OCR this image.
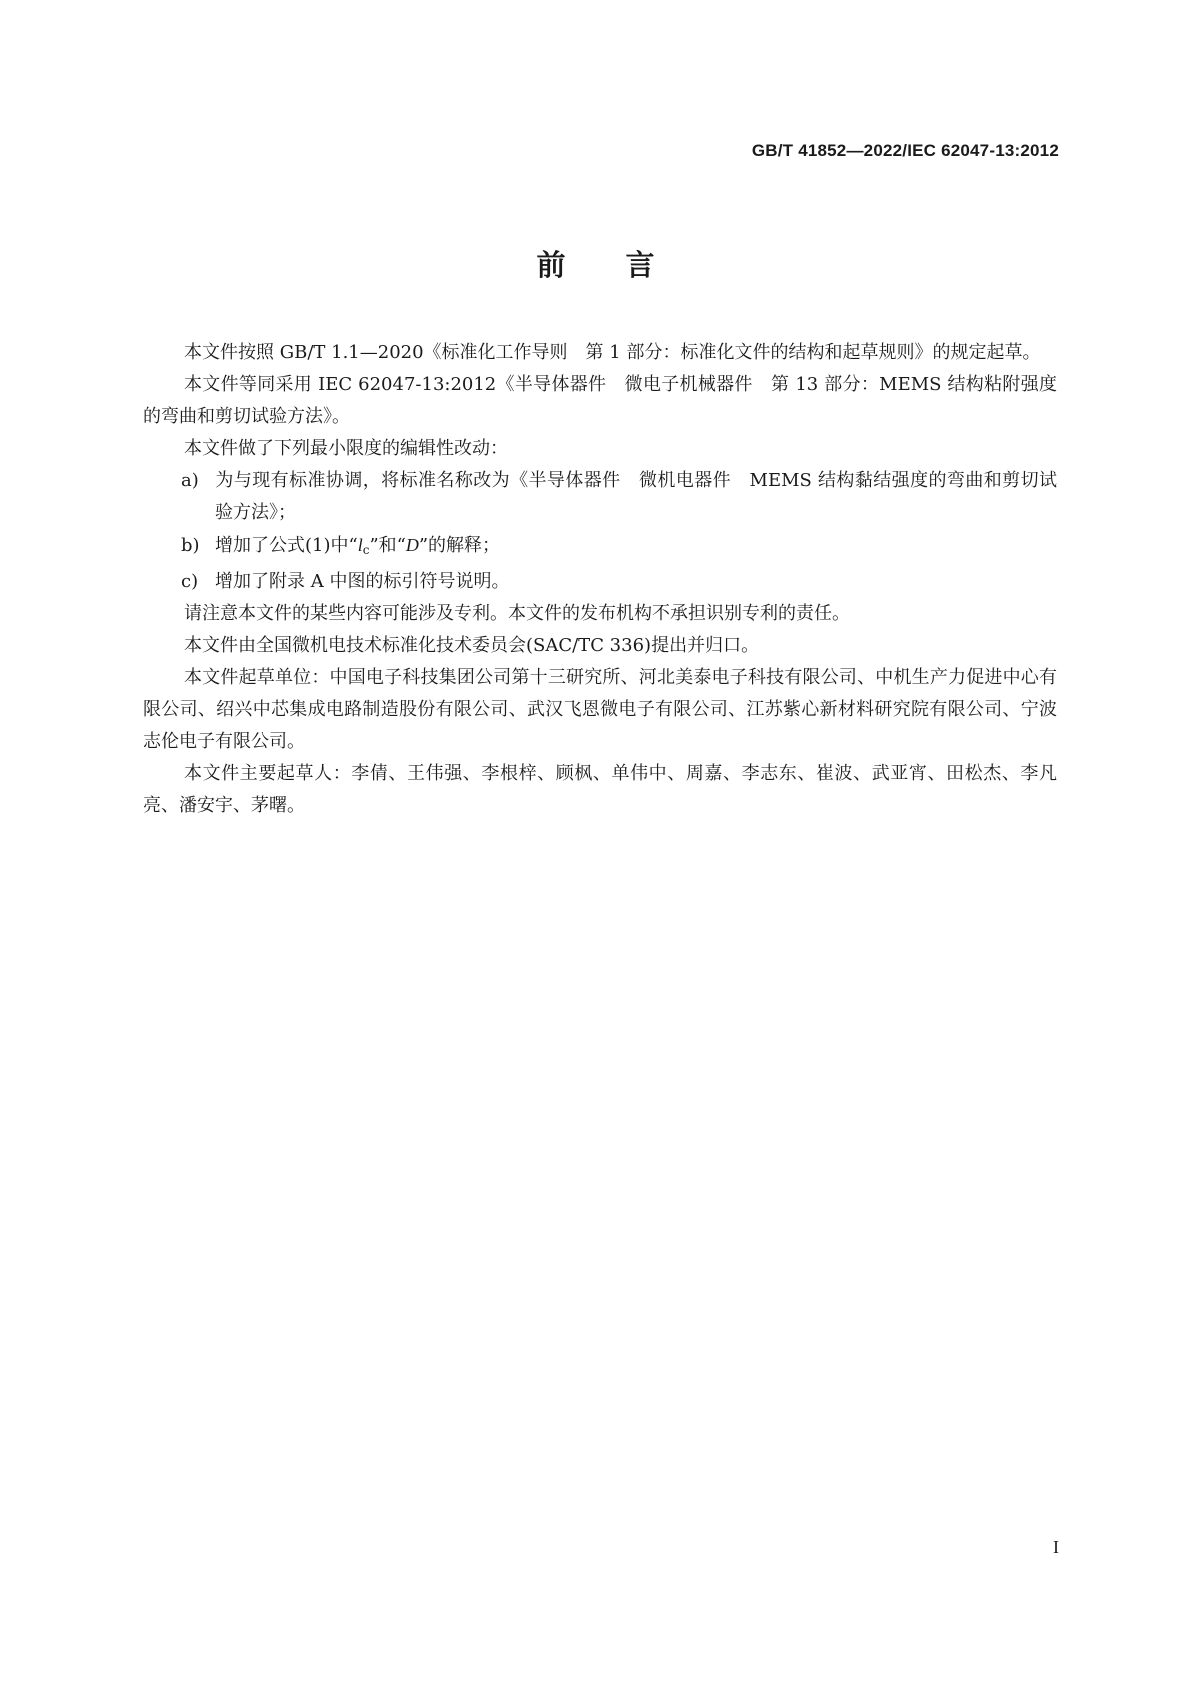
GB/T 41852—2022/IEC 62047-13:2012
前言

本文件按照 GB/T 1.1—2020《标准化工作导则　第 1 部分：标准化文件的结构和起草规则》的规定起草。

本文件等同采用 IEC 62047-13:2012《半导体器件　微电子机械器件　第 13 部分：MEMS 结构粘附强度的弯曲和剪切试验方法》。

本文件做了下列最小限度的编辑性改动：

a) 为与现有标准协调，将标准名称改为《半导体器件　微机电器件　MEMS 结构黏结强度的弯曲和剪切试验方法》；

b) 增加了公式(1)中“$l_c$”和“D”的解释；

c) 增加了附录 A 中图的标引符号说明。

请注意本文件的某些内容可能涉及专利。本文件的发布机构不承担识别专利的责任。

本文件由全国微机电技术标准化技术委员会(SAC/TC 336)提出并归口。

本文件起草单位：中国电子科技集团公司第十三研究所、河北美泰电子科技有限公司、中机生产力促进中心有限公司、绍兴中芯集成电路制造股份有限公司、武汉飞恩微电子有限公司、江苏紫心新材料研究院有限公司、宁波志伦电子有限公司。

本文件主要起草人：李倩、王伟强、李根梓、顾枫、单伟中、周嘉、李志东、崔波、武亚宵、田松杰、李凡亮、潘安宇、茅曙。

I
